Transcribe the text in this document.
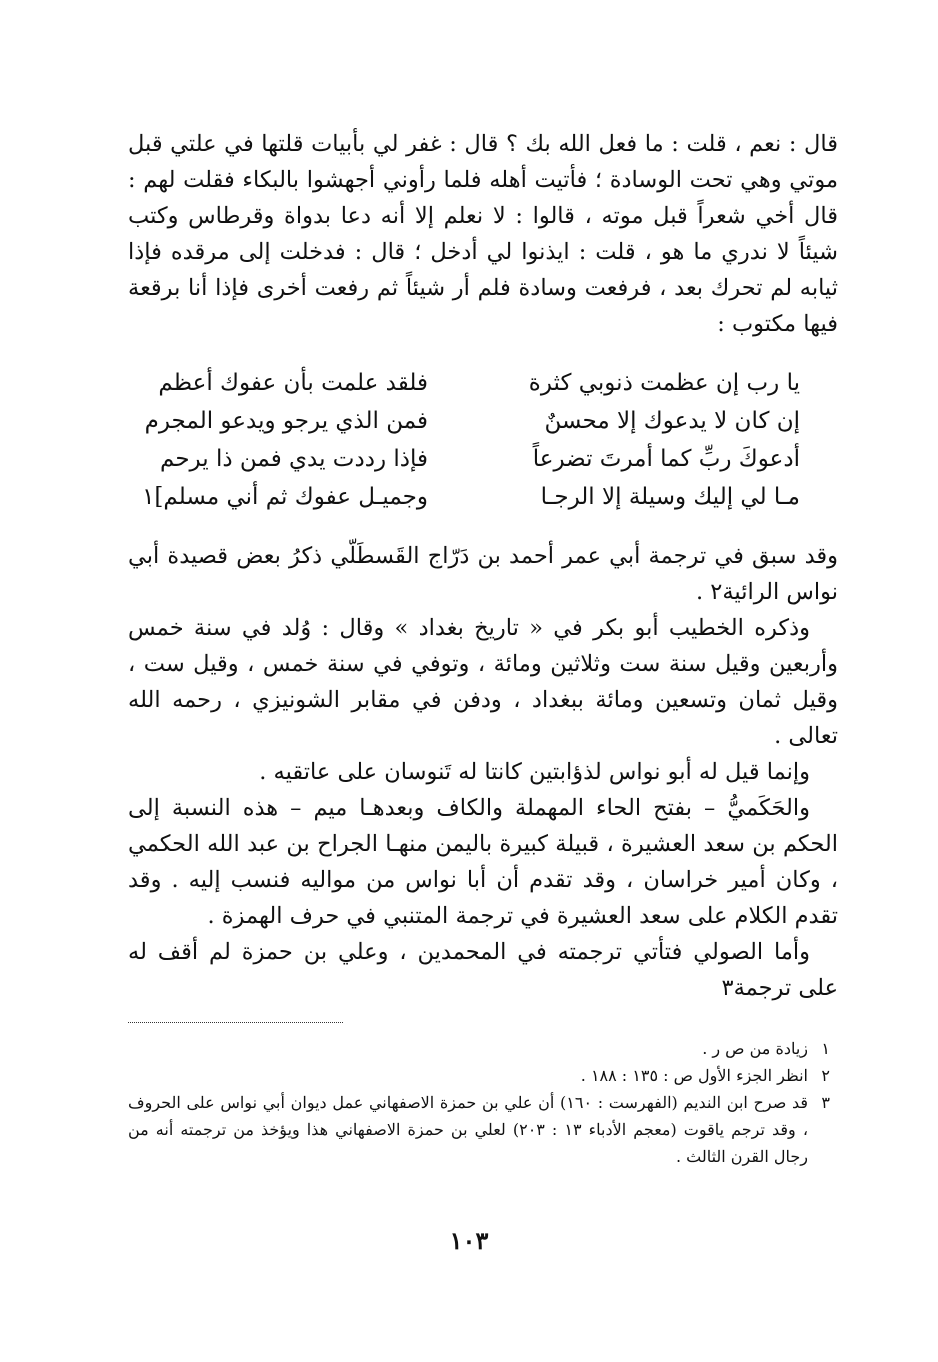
قال : نعم ، قلت : ما فعل الله بك ؟ قال : غفر لي بأبيات قلتها في علتي قبل موتي وهي تحت الوسادة ؛ فأتيت أهله فلما رأوني أجهشوا بالبكاء فقلت لهم : قال أخي شعراً قبل موته ، قالوا : لا نعلم إلا أنه دعا بدواة وقرطاس وكتب شيئاً لا ندري ما هو ، قلت : ايذنوا لي أدخل ؛ قال : فدخلت إلى مرقده فإذا ثيابه لم تحرك بعد ، فرفعت وسادة فلم أر شيئاً ثم رفعت أخرى فإذا أنا برقعة فيها مكتوب :

يا رب إن عظمت ذنوبي كثرة
فلقد علمت بأن عفوك أعظم
إن كان لا يدعوك إلا محسنٌ
فمن الذي يرجو ويدعو المجرم
أدعوكَ ربِّ كما أمرتَ تضرعاً
فإذا رددت يدي فمن ذا يرحم
مـا لي إليك وسيلة إلا الرجـا
وجميـل عفوك ثم أني مسلم]١

وقد سبق في ترجمة أبي عمر أحمد بن دَرّاج القَسطَلّي ذكرُ بعض قصيدة أبي نواس الرائية٢ .

وذكره الخطيب أبو بكر في « تاريخ بغداد » وقال : وُلد في سنة خمس وأربعين وقيل سنة ست وثلاثين ومائة ، وتوفي في سنة خمس ، وقيل ست ، وقيل ثمان وتسعين ومائة ببغداد ، ودفن في مقابر الشونيزي ، رحمه الله تعالى .

وإنما قيل له أبو نواس لذؤابتين كانتا له تَنوسان على عاتقيه .

والحَكَميُّ – بفتح الحاء المهملة والكاف وبعدهـا ميم – هذه النسبة إلى الحكم بن سعد العشيرة ، قبيلة كبيرة باليمن منهـا الجراح بن عبد الله الحكمي ، وكان أمير خراسان ، وقد تقدم أن أبا نواس من مواليه فنسب إليه . وقد تقدم الكلام على سعد العشيرة في ترجمة المتنبي في حرف الهمزة .

وأما الصولي فتأتي ترجمته في المحمدين ، وعلي بن حمزة لم أقف له على ترجمة٣

١
زيادة من ص ر .
٢
انظر الجزء الأول ص : ١٣٥ : ١٨٨ .
٣
قد صرح ابن النديم (الفهرست : ١٦٠) أن علي بن حمزة الاصفهاني عمل ديوان أبي نواس على الحروف ، وقد ترجم ياقوت (معجم الأدباء ١٣ : ٢٠٣) لعلي بن حمزة الاصفهاني هذا ويؤخذ من ترجمته أنه من رجال القرن الثالث .
١٠٣
